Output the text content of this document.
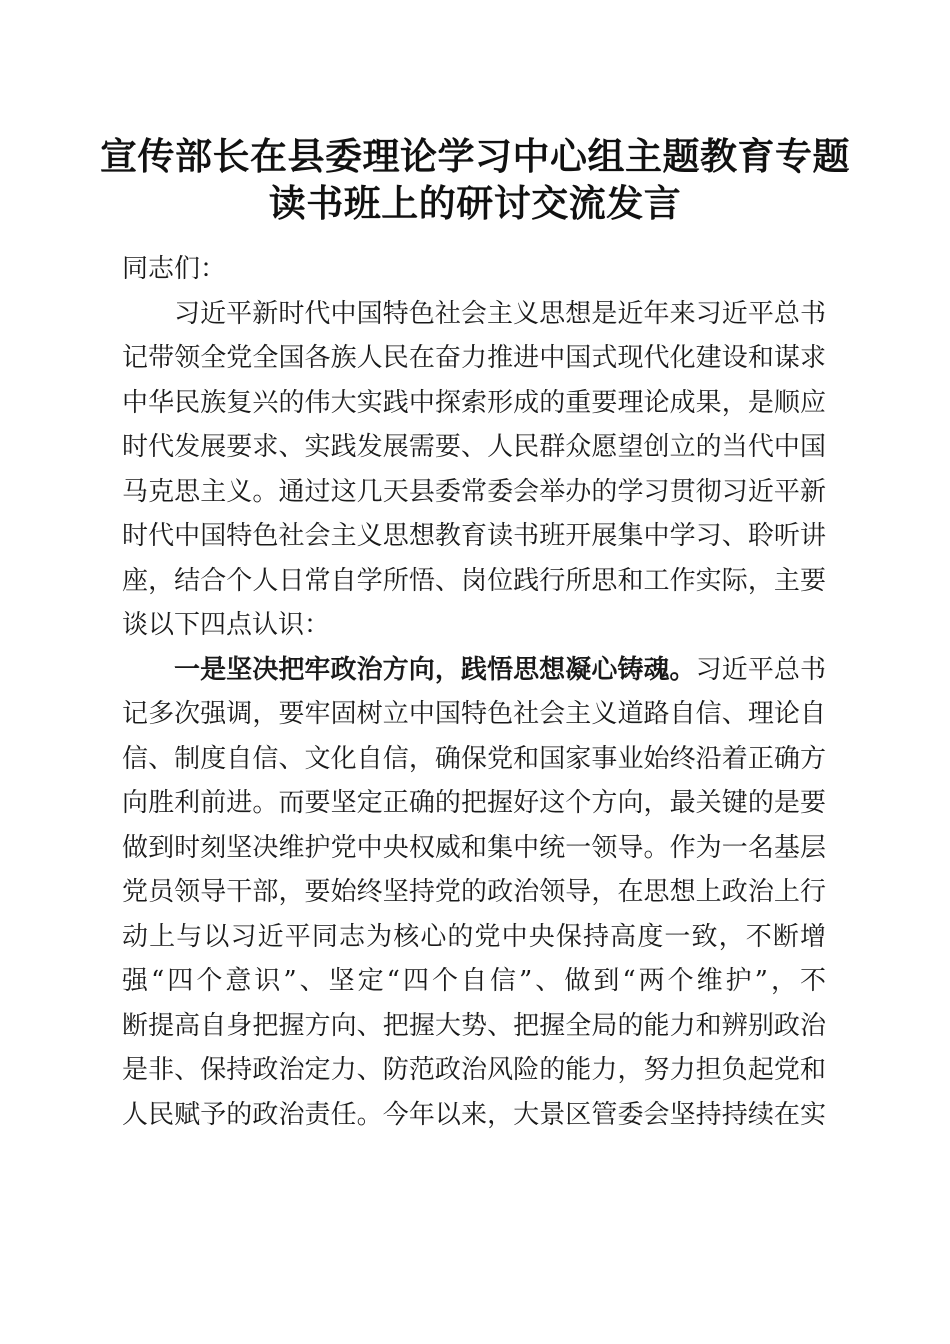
宣传部长在县委理论学习中心组主题教育专题
读书班上的研讨交流发言
同志们：
习近平新时代中国特色社会主义思想是近年来习近平总书
记带领全党全国各族人民在奋力推进中国式现代化建设和谋求
中华民族复兴的伟大实践中探索形成的重要理论成果，是顺应
时代发展要求、实践发展需要、人民群众愿望创立的当代中国
马克思主义。通过这几天县委常委会举办的学习贯彻习近平新
时代中国特色社会主义思想教育读书班开展集中学习、聆听讲
座，结合个人日常自学所悟、岗位践行所思和工作实际，主要
谈以下四点认识：
一是坚决把牢政治方向，践悟思想凝心铸魂。习近平总书
记多次强调，要牢固树立中国特色社会主义道路自信、理论自
信、制度自信、文化自信，确保党和国家事业始终沿着正确方
向胜利前进。而要坚定正确的把握好这个方向，最关键的是要
做到时刻坚决维护党中央权威和集中统一领导。作为一名基层
党员领导干部，要始终坚持党的政治领导，在思想上政治上行
动上与以习近平同志为核心的党中央保持高度一致，不断增
强“四个意识”、坚定“四个自信”、做到“两个维护”，不
断提高自身把握方向、把握大势、把握全局的能力和辨别政治
是非、保持政治定力、防范政治风险的能力，努力担负起党和
人民赋予的政治责任。今年以来，大景区管委会坚持持续在实
